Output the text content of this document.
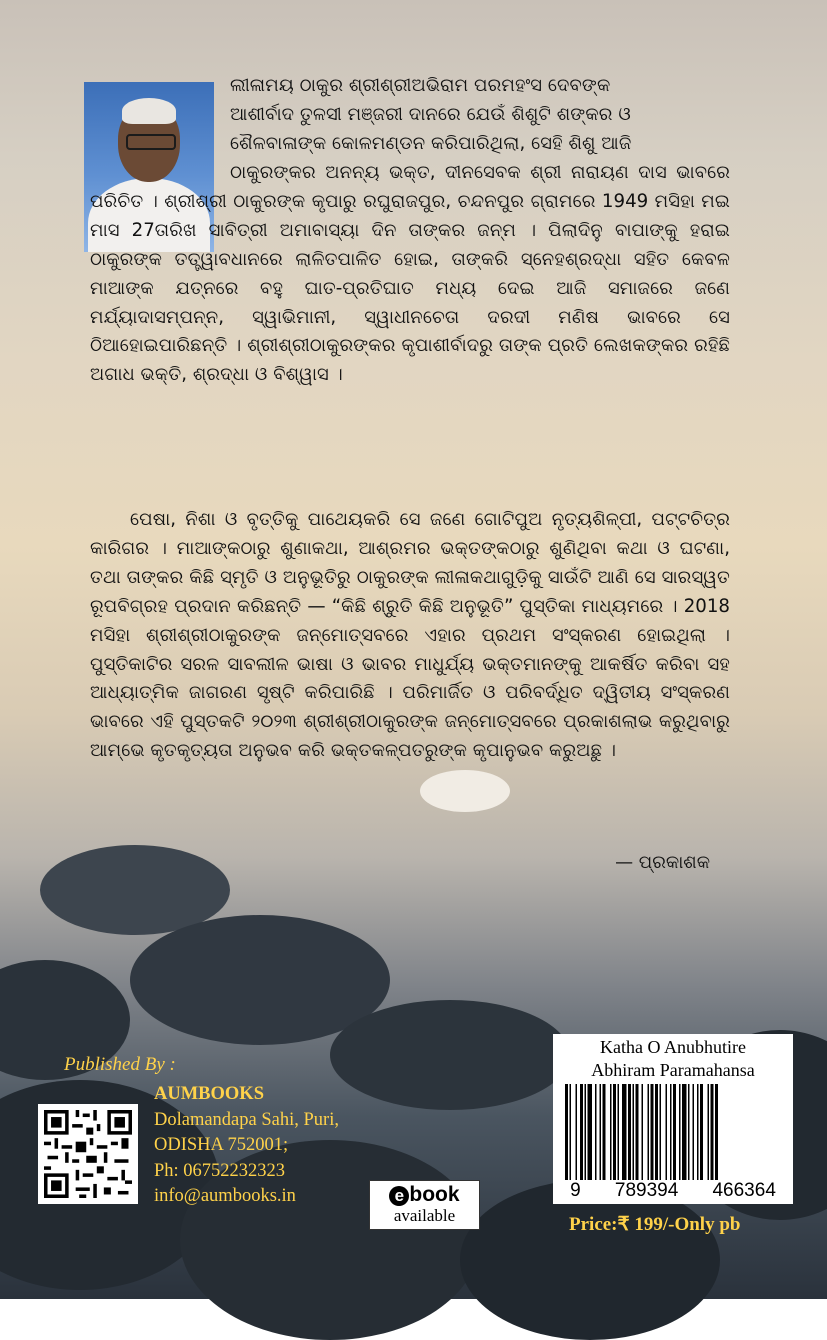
ଲୀଳାମୟ ଠାକୁର ଶ୍ରୀଶ୍ରୀଅଭିରାମ ପରମହଂସ ଦେବଙ୍କ

ଆଶୀର୍ବାଦ ତୁଳସୀ ମଞ୍ଜରୀ ଦାନରେ ଯେଉଁ ଶିଶୁଟି ଶଙ୍କର ଓ

ଶୈଳବାଳାଙ୍କ କୋଳମଣ୍ଡନ କରିପାରିଥିଲା, ସେହି ଶିଶୁ ଆଜି

ଠାକୁରଙ୍କର ଅନନ୍ୟ ଭକ୍ତ, ଦୀନସେବକ ଶ୍ରୀ ନାରାୟଣ ଦାସ ଭାବରେ ପରିଚିତ । ଶ୍ରୀଶ୍ରୀ ଠାକୁରଙ୍କ କୃପାରୁ ରଘୁରାଜପୁର, ଚନ୍ଦନପୁର ଗ୍ରାମରେ 1949 ମସିହା ମଇ ମାସ 27ତାରିଖ ସାବିତ୍ରୀ ଅମାବାସ୍ୟା ଦିନ ତାଙ୍କର ଜନ୍ମ । ପିଲାଦିନୁ ବାପାଙ୍କୁ ହରାଇ ଠାକୁରଙ୍କ ତତ୍ତ୍ୱାବଧାନରେ ଲାଳିତପାଳିତ ହୋଇ, ତାଙ୍କରି ସ୍ନେହଶ୍ରଦ୍ଧା ସହିତ କେବଳ ମାଆଙ୍କ ଯତ୍ନରେ ବହୁ ଘାତ-ପ୍ରତିଘାତ ମଧ୍ୟ ଦେଇ ଆଜି ସମାଜରେ ଜଣେ ମର୍ଯ୍ୟାଦାସମ୍ପନ୍ନ, ସ୍ୱାଭିମାନୀ, ସ୍ୱାଧୀନଚେତା ଦରଦୀ ମଣିଷ ଭାବରେ ସେ ଠିଆହୋଇପାରିଛନ୍ତି । ଶ୍ରୀଶ୍ରୀଠାକୁରଙ୍କର କୃପାଶୀର୍ବାଦରୁ ତାଙ୍କ ପ୍ରତି ଲେଖକଙ୍କର ରହିଛି ଅଗାଧ ଭକ୍ତି, ଶ୍ରଦ୍ଧା ଓ ବିଶ୍ୱାସ ।

ପେଷା, ନିଶା ଓ ବୃତ୍ତିକୁ ପାଥେୟକରି ସେ ଜଣେ ଗୋଟିପୁଅ ନୃତ୍ୟଶିଳ୍ପୀ, ପଟ୍ଟଚିତ୍ର କାରିଗର । ମାଆଙ୍କଠାରୁ ଶୁଣାକଥା, ଆଶ୍ରମର ଭକ୍ତଙ୍କଠାରୁ ଶୁଣିଥିବା କଥା ଓ ଘଟଣା, ତଥା ତାଙ୍କର କିଛି ସ୍ମୃତି ଓ ଅନୁଭୂତିରୁ ଠାକୁରଙ୍କ ଲୀଳାକଥାଗୁଡ଼ିକୁ ସାଉଁଟି ଆଣି ସେ ସାରସ୍ୱତ ରୂପବିଗ୍ରହ ପ୍ରଦାନ କରିଛନ୍ତି — “କିଛି ଶ୍ରୁତି କିଛି ଅନୁଭୂତି” ପୁସ୍ତିକା ମାଧ୍ୟମରେ । 2018 ମସିହା ଶ୍ରୀଶ୍ରୀଠାକୁରଙ୍କ ଜନ୍ମୋତ୍ସବରେ ଏହାର ପ୍ରଥମ ସଂସ୍କରଣ ହୋଇଥିଲା । ପୁସ୍ତିକାଟିର ସରଳ ସାବଲୀଳ ଭାଷା ଓ ଭାବର ମାଧୁର୍ଯ୍ୟ ଭକ୍ତମାନଙ୍କୁ ଆକର୍ଷିତ କରିବା ସହ ଆଧ୍ୟାତ୍ମିକ ଜାଗରଣ ସୃଷ୍ଟି କରିପାରିଛି । ପରିମାର୍ଜିତ ଓ ପରିବର୍ଦ୍ଧିତ ଦ୍ୱିତୀୟ ସଂସ୍କରଣ ଭାବରେ ଏହି ପୁସ୍ତକଟି ୨୦୨୩ ଶ୍ରୀଶ୍ରୀଠାକୁରଙ୍କ ଜନ୍ମୋତ୍ସବରେ ପ୍ରକାଶଲାଭ କରୁଥିବାରୁ ଆମ୍ଭେ କୃତକୃତ୍ୟତା ଅନୁଭବ କରି ଭକ୍ତକଳ୍ପତରୁଙ୍କ କୃପାନୁଭବ କରୁଅଛୁ ।

— ପ୍ରକାଶକ
Published By :
AUMBOOKS
Dolamandapa Sahi, Puri,
ODISHA 752001;
Ph: 06752232323
info@aumbooks.in	e book
available
Katha O Anubhutire
Abhiram Paramahansa
9 789394 466364
Price:₹ 199/-Only pb
